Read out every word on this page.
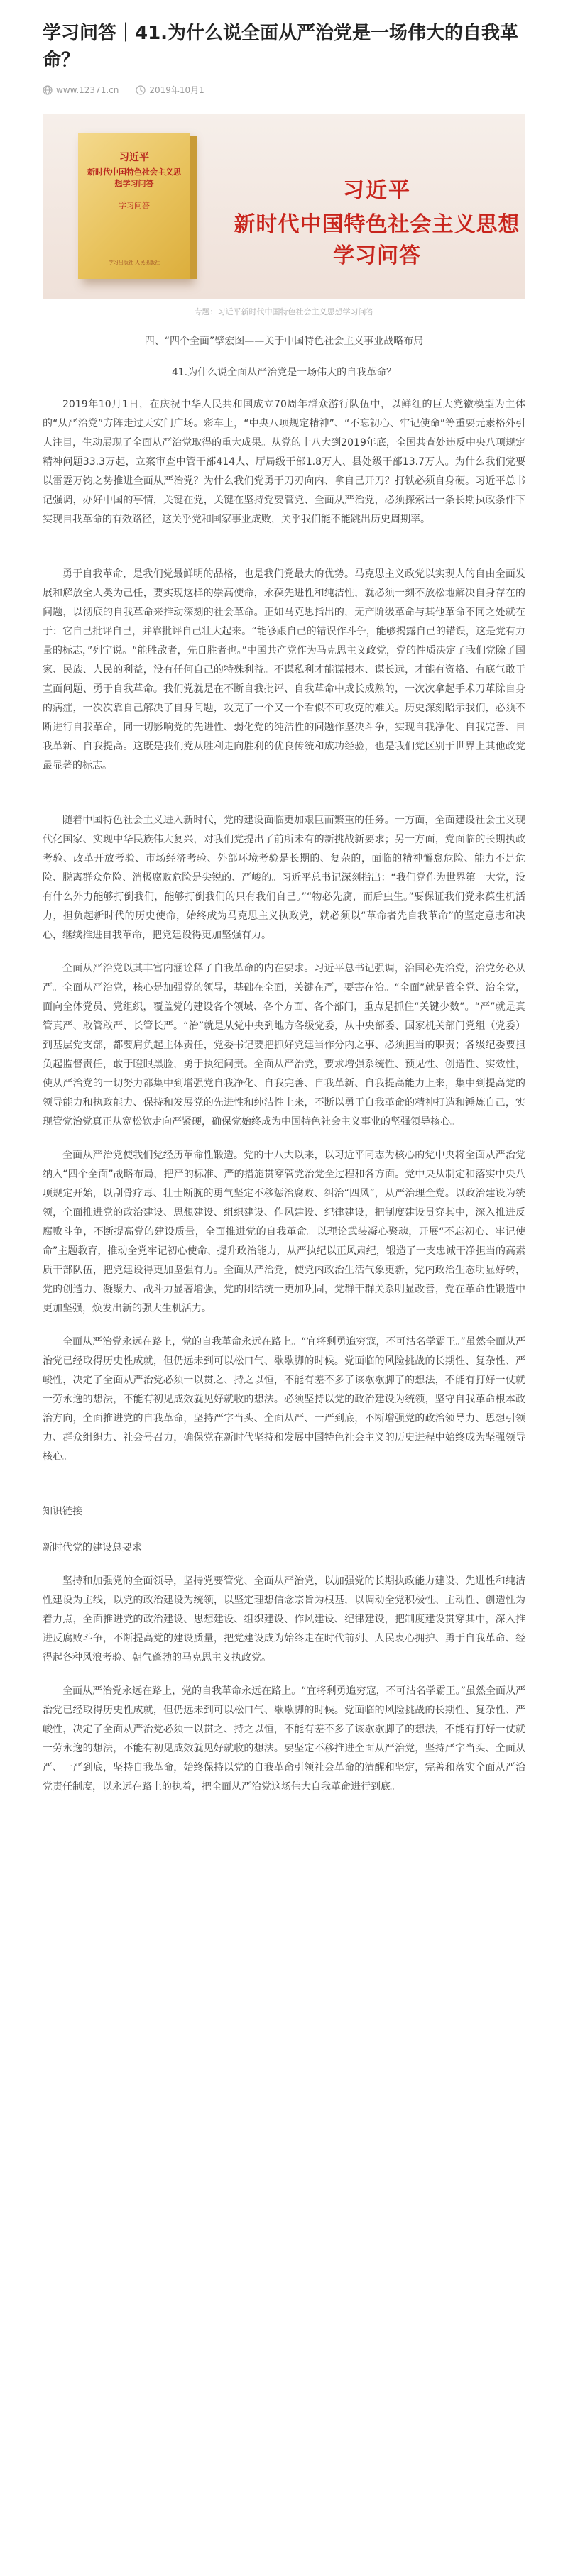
学习问答｜41.为什么说全面从严治党是一场伟大的自我革命？
www.12371.cn	2019年10月1
习近平
新时代中国特色社会主义思想学习问答
学习问答
学习出版社 人民出版社
习近平
新时代中国特色社会主义思想
学习问答
专题：习近平新时代中国特色社会主义思想学习问答
四、“四个全面”擘宏图——关于中国特色社会主义事业战略布局
41.为什么说全面从严治党是一场伟大的自我革命？

2019年10月1日，在庆祝中华人民共和国成立70周年群众游行队伍中，以鲜红的巨大党徽模型为主体的“从严治党”方阵走过天安门广场。彩车上，“中央八项规定精神”、“不忘初心、牢记使命”等重要元素格外引人注目，生动展现了全面从严治党取得的重大成果。从党的十八大到2019年底，全国共查处违反中央八项规定精神问题33.3万起，立案审查中管干部414人、厅局级干部1.8万人、县处级干部13.7万人。为什么我们党要以雷霆万钧之势推进全面从严治党？为什么我们党勇于刀刃向内、拿自己开刀？打铁必须自身硬。习近平总书记强调，办好中国的事情，关键在党，关键在坚持党要管党、全面从严治党，必须探索出一条长期执政条件下实现自我革命的有效路径，这关乎党和国家事业成败，关乎我们能不能跳出历史周期率。

勇于自我革命，是我们党最鲜明的品格，也是我们党最大的优势。马克思主义政党以实现人的自由全面发展和解放全人类为己任，要实现这样的崇高使命，永葆先进性和纯洁性，就必须一刻不放松地解决自身存在的问题，以彻底的自我革命来推动深刻的社会革命。正如马克思指出的，无产阶级革命与其他革命不同之处就在于：它自己批评自己，并靠批评自己壮大起来。“能够跟自己的错误作斗争，能够揭露自己的错误，这是党有力量的标志，”列宁说。“能胜敌者，先自胜者也。”中国共产党作为马克思主义政党，党的性质决定了我们党除了国家、民族、人民的利益，没有任何自己的特殊利益。不谋私利才能谋根本、谋长远，才能有资格、有底气敢于直面问题、勇于自我革命。我们党就是在不断自我批评、自我革命中成长成熟的，一次次拿起手术刀革除自身的病症，一次次靠自己解决了自身问题，攻克了一个又一个看似不可攻克的难关。历史深刻昭示我们，必须不断进行自我革命，同一切影响党的先进性、弱化党的纯洁性的问题作坚决斗争，实现自我净化、自我完善、自我革新、自我提高。这既是我们党从胜利走向胜利的优良传统和成功经验，也是我们党区别于世界上其他政党最显著的标志。

随着中国特色社会主义进入新时代，党的建设面临更加艰巨而繁重的任务。一方面，全面建设社会主义现代化国家、实现中华民族伟大复兴，对我们党提出了前所未有的新挑战新要求；另一方面，党面临的长期执政考验、改革开放考验、市场经济考验、外部环境考验是长期的、复杂的，面临的精神懈怠危险、能力不足危险、脱离群众危险、消极腐败危险是尖锐的、严峻的。习近平总书记深刻指出：“我们党作为世界第一大党，没有什么外力能够打倒我们，能够打倒我们的只有我们自己。”“物必先腐，而后虫生。”要保证我们党永葆生机活力，担负起新时代的历史使命，始终成为马克思主义执政党，就必须以“革命者先自我革命”的坚定意志和决心，继续推进自我革命，把党建设得更加坚强有力。

全面从严治党以其丰富内涵诠释了自我革命的内在要求。习近平总书记强调，治国必先治党，治党务必从严。全面从严治党，核心是加强党的领导，基础在全面，关键在严，要害在治。“全面”就是管全党、治全党，面向全体党员、党组织，覆盖党的建设各个领域、各个方面、各个部门，重点是抓住“关键少数”。“严”就是真管真严、敢管敢严、长管长严。“治”就是从党中央到地方各级党委，从中央部委、国家机关部门党组（党委）到基层党支部，都要肩负起主体责任，党委书记要把抓好党建当作分内之事、必须担当的职责；各级纪委要担负起监督责任，敢于瞪眼黑脸，勇于执纪问责。全面从严治党，要求增强系统性、预见性、创造性、实效性，使从严治党的一切努力都集中到增强党自我净化、自我完善、自我革新、自我提高能力上来，集中到提高党的领导能力和执政能力、保持和发展党的先进性和纯洁性上来，不断以勇于自我革命的精神打造和锤炼自己，实现管党治党真正从宽松软走向严紧硬，确保党始终成为中国特色社会主义事业的坚强领导核心。

全面从严治党使我们党经历革命性锻造。党的十八大以来，以习近平同志为核心的党中央将全面从严治党纳入“四个全面”战略布局，把严的标准、严的措施贯穿管党治党全过程和各方面。党中央从制定和落实中央八项规定开始，以刮骨疗毒、壮士断腕的勇气坚定不移惩治腐败、纠治“四风”，从严治理全党。以政治建设为统领，全面推进党的政治建设、思想建设、组织建设、作风建设、纪律建设，把制度建设贯穿其中，深入推进反腐败斗争，不断提高党的建设质量，全面推进党的自我革命。以理论武装凝心聚魂，开展“不忘初心、牢记使命”主题教育，推动全党牢记初心使命、提升政治能力，从严执纪以正风肃纪，锻造了一支忠诚干净担当的高素质干部队伍，把党建设得更加坚强有力。全面从严治党，使党内政治生活气象更新，党内政治生态明显好转，党的创造力、凝聚力、战斗力显著增强，党的团结统一更加巩固，党群干群关系明显改善，党在革命性锻造中更加坚强，焕发出新的强大生机活力。

全面从严治党永远在路上，党的自我革命永远在路上。“宜将剩勇追穷寇，不可沽名学霸王。”虽然全面从严治党已经取得历史性成就，但仍远未到可以松口气、歇歇脚的时候。党面临的风险挑战的长期性、复杂性、严峻性，决定了全面从严治党必须一以贯之、持之以恒，不能有差不多了该歇歇脚了的想法，不能有打好一仗就一劳永逸的想法，不能有初见成效就见好就收的想法。必须坚持以党的政治建设为统领，坚守自我革命根本政治方向，全面推进党的自我革命，坚持严字当头、全面从严、一严到底，不断增强党的政治领导力、思想引领力、群众组织力、社会号召力，确保党在新时代坚持和发展中国特色社会主义的历史进程中始终成为坚强领导核心。

知识链接
新时代党的建设总要求

坚持和加强党的全面领导，坚持党要管党、全面从严治党，以加强党的长期执政能力建设、先进性和纯洁性建设为主线，以党的政治建设为统领，以坚定理想信念宗旨为根基，以调动全党积极性、主动性、创造性为着力点，全面推进党的政治建设、思想建设、组织建设、作风建设、纪律建设，把制度建设贯穿其中，深入推进反腐败斗争，不断提高党的建设质量，把党建设成为始终走在时代前列、人民衷心拥护、勇于自我革命、经得起各种风浪考验、朝气蓬勃的马克思主义执政党。

全面从严治党永远在路上，党的自我革命永远在路上。“宜将剩勇追穷寇，不可沽名学霸王。”虽然全面从严治党已经取得历史性成就，但仍远未到可以松口气、歇歇脚的时候。党面临的风险挑战的长期性、复杂性、严峻性，决定了全面从严治党必须一以贯之、持之以恒，不能有差不多了该歇歇脚了的想法，不能有打好一仗就一劳永逸的想法，不能有初见成效就见好就收的想法。要坚定不移推进全面从严治党，坚持严字当头、全面从严、一严到底，坚持自我革命，始终保持以党的自我革命引领社会革命的清醒和坚定，完善和落实全面从严治党责任制度，以永远在路上的执着，把全面从严治党这场伟大自我革命进行到底。
